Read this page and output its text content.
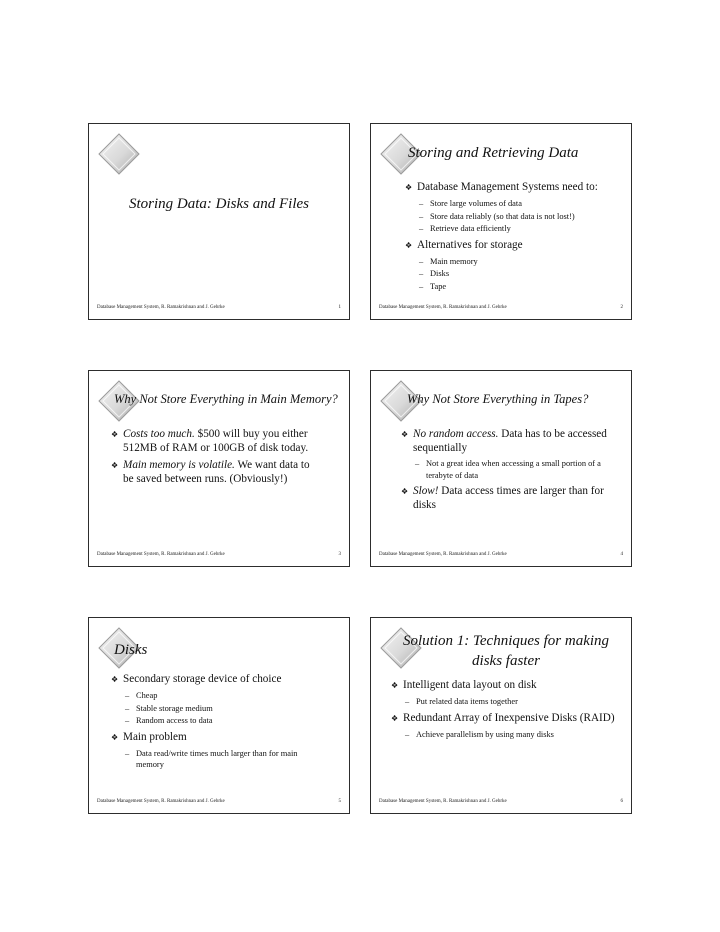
Storing Data: Disks and Files
Database Management System, R. Ramakrishnan and J. Gehrke	1
Storing and Retrieving Data
❖ Database Management Systems need to:
– Store large volumes of data
– Store data reliably (so that data is not lost!)
– Retrieve data efficiently
❖ Alternatives for storage
– Main memory
– Disks
– Tape
Database Management System, R. Ramakrishnan and J. Gehrke	2
Why Not Store Everything in Main Memory?
❖ Costs too much. $500 will buy you either 512MB of RAM or 100GB of disk today.
❖ Main memory is volatile. We want data to be saved between runs. (Obviously!)
Database Management System, R. Ramakrishnan and J. Gehrke	3
Why Not Store Everything in Tapes?
❖ No random access. Data has to be accessed sequentially
– Not a great idea when accessing a small portion of a terabyte of data
❖ Slow! Data access times are larger than for disks
Database Management System, R. Ramakrishnan and J. Gehrke	4
Disks
❖ Secondary storage device of choice
– Cheap
– Stable storage medium
– Random access to data
❖ Main problem
– Data read/write times much larger than for main memory
Database Management System, R. Ramakrishnan and J. Gehrke	5
Solution 1: Techniques for making
disks faster
❖ Intelligent data layout on disk
– Put related data items together
❖ Redundant Array of Inexpensive Disks (RAID)
– Achieve parallelism by using many disks
Database Management System, R. Ramakrishnan and J. Gehrke	6
